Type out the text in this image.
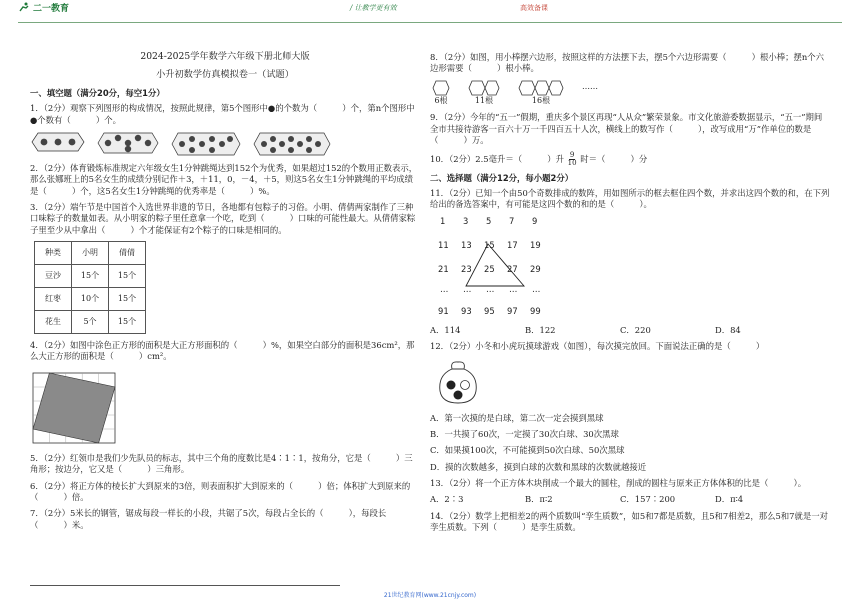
二一教育	/ 让教学更有效	高效备课
2024-2025学年数学六年级下册北师大版
小升初数学仿真模拟卷一（试题）
一、填空题（满分20分，每空1分）

1．（2分）观察下列图形的构成情况，按照此规律，第5个图形中●的个数为（　　　）个，第n个图形中●个数有（　　　）个。

2．（2分）体育锻炼标准规定六年级女生1分钟跳绳达到152个为优秀，如果超过152的个数用正数表示，那么张娜班上的5名女生的成绩分别记作＋3，＋11，0，－4，＋5，则这5名女生1分钟跳绳的平均成绩是（　　　）个，这5名女生1分钟跳绳的优秀率是（　　　）%。

3．（2分）端午节是中国首个入选世界非遗的节日，各地都有包粽子的习俗。小明、倩倩两家制作了三种口味粽子的数量如表。从小明家的粽子里任意拿一个吃，吃到（　　　）口味的可能性最大。从倩倩家粽子里至少从中拿出（　　　）个才能保证有2个粽子的口味是相同的。

种类	小明	倩倩
豆沙	15个	15个
红枣	10个	15个
花生	5个	15个

4．（2分）如图中涂色正方形的面积是大正方形面积的（　　　）%，如果空白部分的面积是36cm²，那么大正方形的面积是（　　　）cm²。

5．（2分）红领巾是我们少先队员的标志，其中三个角的度数比是4∶1∶1，按角分，它是（　　　）三角形；按边分，它又是（　　　）三角形。

6．（2分）将正方体的棱长扩大到原来的3倍，则表面积扩大到原来的（　　　）倍；体积扩大到原来的（　　　）倍。

7．（2分）5米长的钢管，锯成每段一样长的小段，共锯了5次，每段占全长的（　　　），每段长（　　　）米。

8．（2分）如图，用小棒摆六边形，按照这样的方法摆下去，摆5个六边形需要（　　　）根小棒；摆n个六边形需要（　　　）根小棒。

6根	11根	16根
……

9．（2分）今年的“五一”假期，重庆多个景区再现“人从众”繁荣景象。市文化旅游委数据显示，“五一”期间全市共接待游客一百六十万一千四百五十人次，横线上的数写作（　　　），改写成用“万”作单位的数是（　　　）万。

10．（2分）2.5毫升＝（　　　）升 $\frac{9}{10}$ 时＝（　　　）分

二、选择题（满分12分，每小题2分）

11．（2分）已知一个由50个奇数排成的数阵，用如图所示的框去框住四个数，并求出这四个数的和，在下列给出的备选答案中，有可能是这四个数的和的是（　　　）。

1 3 5 7 9
11 13 15 17 19
21 23 25 27 29
… … … … …
91 93 95 97 99
A．114	B．122	C．220	D．84

12．（2分）小冬和小虎玩摸球游戏（如图），每次摸完放回。下面说法正确的是（　　　）

A．第一次摸的是白球，第二次一定会摸到黑球

B．一共摸了60次，一定摸了30次白球、30次黑球

C．如果摸100次，不可能摸到50次白球、50次黑球

D．摸的次数越多，摸到白球的次数和黑球的次数就越接近

13．（2分）将一个正方体木块削成一个最大的圆柱，削成的圆柱与原来正方体体积的比是（　　　）。

A．2∶3	B．π∶2	C．157∶200	D．π∶4

14．（2分）数学上把相差2的两个质数叫“孪生质数”，如5和7都是质数，且5和7相差2，那么5和7就是一对孪生质数。下列（　　　）是孪生质数。

21世纪教育网(www.21cnjy.com)
